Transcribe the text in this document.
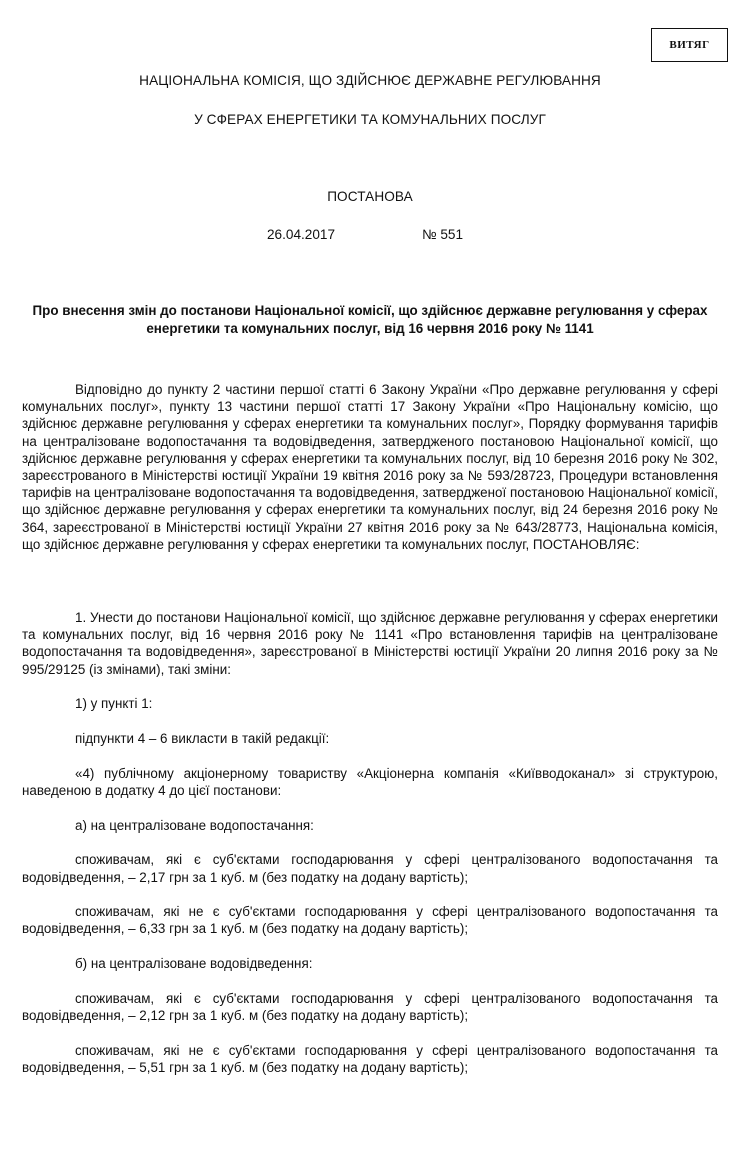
ВИТЯГ
НАЦІОНАЛЬНА КОМІСІЯ, ЩО ЗДІЙСНЮЄ ДЕРЖАВНЕ РЕГУЛЮВАННЯ
У СФЕРАХ ЕНЕРГЕТИКИ ТА КОМУНАЛЬНИХ ПОСЛУГ
ПОСТАНОВА
26.04.2017	№ 551
Про внесення змін до постанови Національної комісії, що здійснює державне регулювання у сферах енергетики та комунальних послуг, від 16 червня 2016 року № 1141

Відповідно до пункту 2 частини першої статті 6 Закону України «Про державне регулювання у сфері комунальних послуг», пункту 13 частини першої статті 17 Закону України «Про Національну комісію, що здійснює державне регулювання у сферах енергетики та комунальних послуг», Порядку формування тарифів на централізоване водопостачання та водовідведення, затвердженого постановою Національної комісії, що здійснює державне регулювання у сферах енергетики та комунальних послуг, від 10 березня 2016 року № 302, зареєстрованого в Міністерстві юстиції України 19 квітня 2016 року за № 593/28723, Процедури встановлення тарифів на централізоване водопостачання та водовідведення, затвердженої постановою Національної комісії, що здійснює державне регулювання у сферах енергетики та комунальних послуг, від 24 березня 2016 року № 364, зареєстрованої в Міністерстві юстиції України 27 квітня 2016 року за № 643/28773, Національна комісія, що здійснює державне регулювання у сферах енергетики та комунальних послуг, ПОСТАНОВЛЯЄ:

1. Унести до постанови Національної комісії, що здійснює державне регулювання у сферах енергетики та комунальних послуг, від 16 червня 2016 року № 1141 «Про встановлення тарифів на централізоване водопостачання та водовідведення», зареєстрованої в Міністерстві юстиції України 20 липня 2016 року за № 995/29125 (із змінами), такі зміни:

1) у пункті 1:

підпункти 4 – 6 викласти в такій редакції:

«4) публічному акціонерному товариству «Акціонерна компанія «Київводоканал» зі структурою, наведеною в додатку 4 до цієї постанови:

а) на централізоване водопостачання:

споживачам, які є суб'єктами господарювання у сфері централізованого водопостачання та водовідведення, – 2,17 грн за 1 куб. м (без податку на додану вартість);

споживачам, які не є суб'єктами господарювання у сфері централізованого водопостачання та водовідведення, – 6,33 грн за 1 куб. м (без податку на додану вартість);

б) на централізоване водовідведення:

споживачам, які є суб'єктами господарювання у сфері централізованого водопостачання та водовідведення, – 2,12 грн за 1 куб. м (без податку на додану вартість);

споживачам, які не є суб'єктами господарювання у сфері централізованого водопостачання та водовідведення, – 5,51 грн за 1 куб. м (без податку на додану вартість);
